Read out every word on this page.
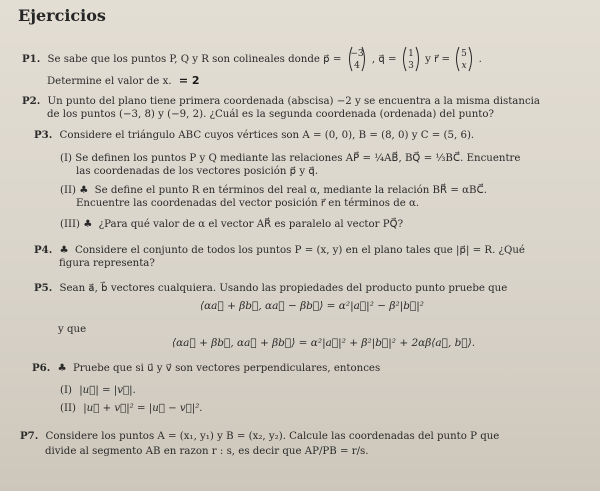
Ejercicios
P1. Se sabe que los puntos P, Q y R son colineales donde p⃗ = −3
4
, q⃗ = 1
3
y r⃗ = 5
x
.
Determine el valor de x. = 2
P2. Un punto del plano tiene primera coordenada (abscisa) −2 y se encuentra a la misma distancia
de los puntos (−3, 8) y (−9, 2). ¿Cuál es la segunda coordenada (ordenada) del punto?
P3. Considere el triángulo ABC cuyos vértices son A = (0, 0), B = (8, 0) y C = (5, 6).
(I) Se definen los puntos P y Q mediante las relaciones AP⃗ = ¼AB⃗, BQ⃗ = ⅓BC⃗. Encuentre
las coordenadas de los vectores posición p⃗ y q⃗.
(II) ♣ Se define el punto R en términos del real α, mediante la relación BR⃗ = αBC⃗.
Encuentre las coordenadas del vector posición r⃗ en términos de α.
(III) ♣ ¿Para qué valor de α el vector AR⃗ es paralelo al vector PQ⃗?
P4. ♣ Considere el conjunto de todos los puntos P = (x, y) en el plano tales que |p⃗| = R. ¿Qué
figura representa?
P5. Sean a⃗, b⃗ vectores cualquiera. Usando las propiedades del producto punto pruebe que
⟨αa⃗ + βb⃗, αa⃗ − βb⃗⟩ = α²|a⃗|² − β²|b⃗|²
y que
⟨αa⃗ + βb⃗, αa⃗ + βb⃗⟩ = α²|a⃗|² + β²|b⃗|² + 2αβ⟨a⃗, b⃗⟩.
P6. ♣ Pruebe que si u⃗ y v⃗ son vectores perpendiculares, entonces
(I) |u⃗| = |v⃗|.
(II) |u⃗ + v⃗|² = |u⃗ − v⃗|².
P7. Considere los puntos A = (x₁, y₁) y B = (x₂, y₂). Calcule las coordenadas del punto P que
divide al segmento AB en razon r : s, es decir que AP/PB = r/s.
